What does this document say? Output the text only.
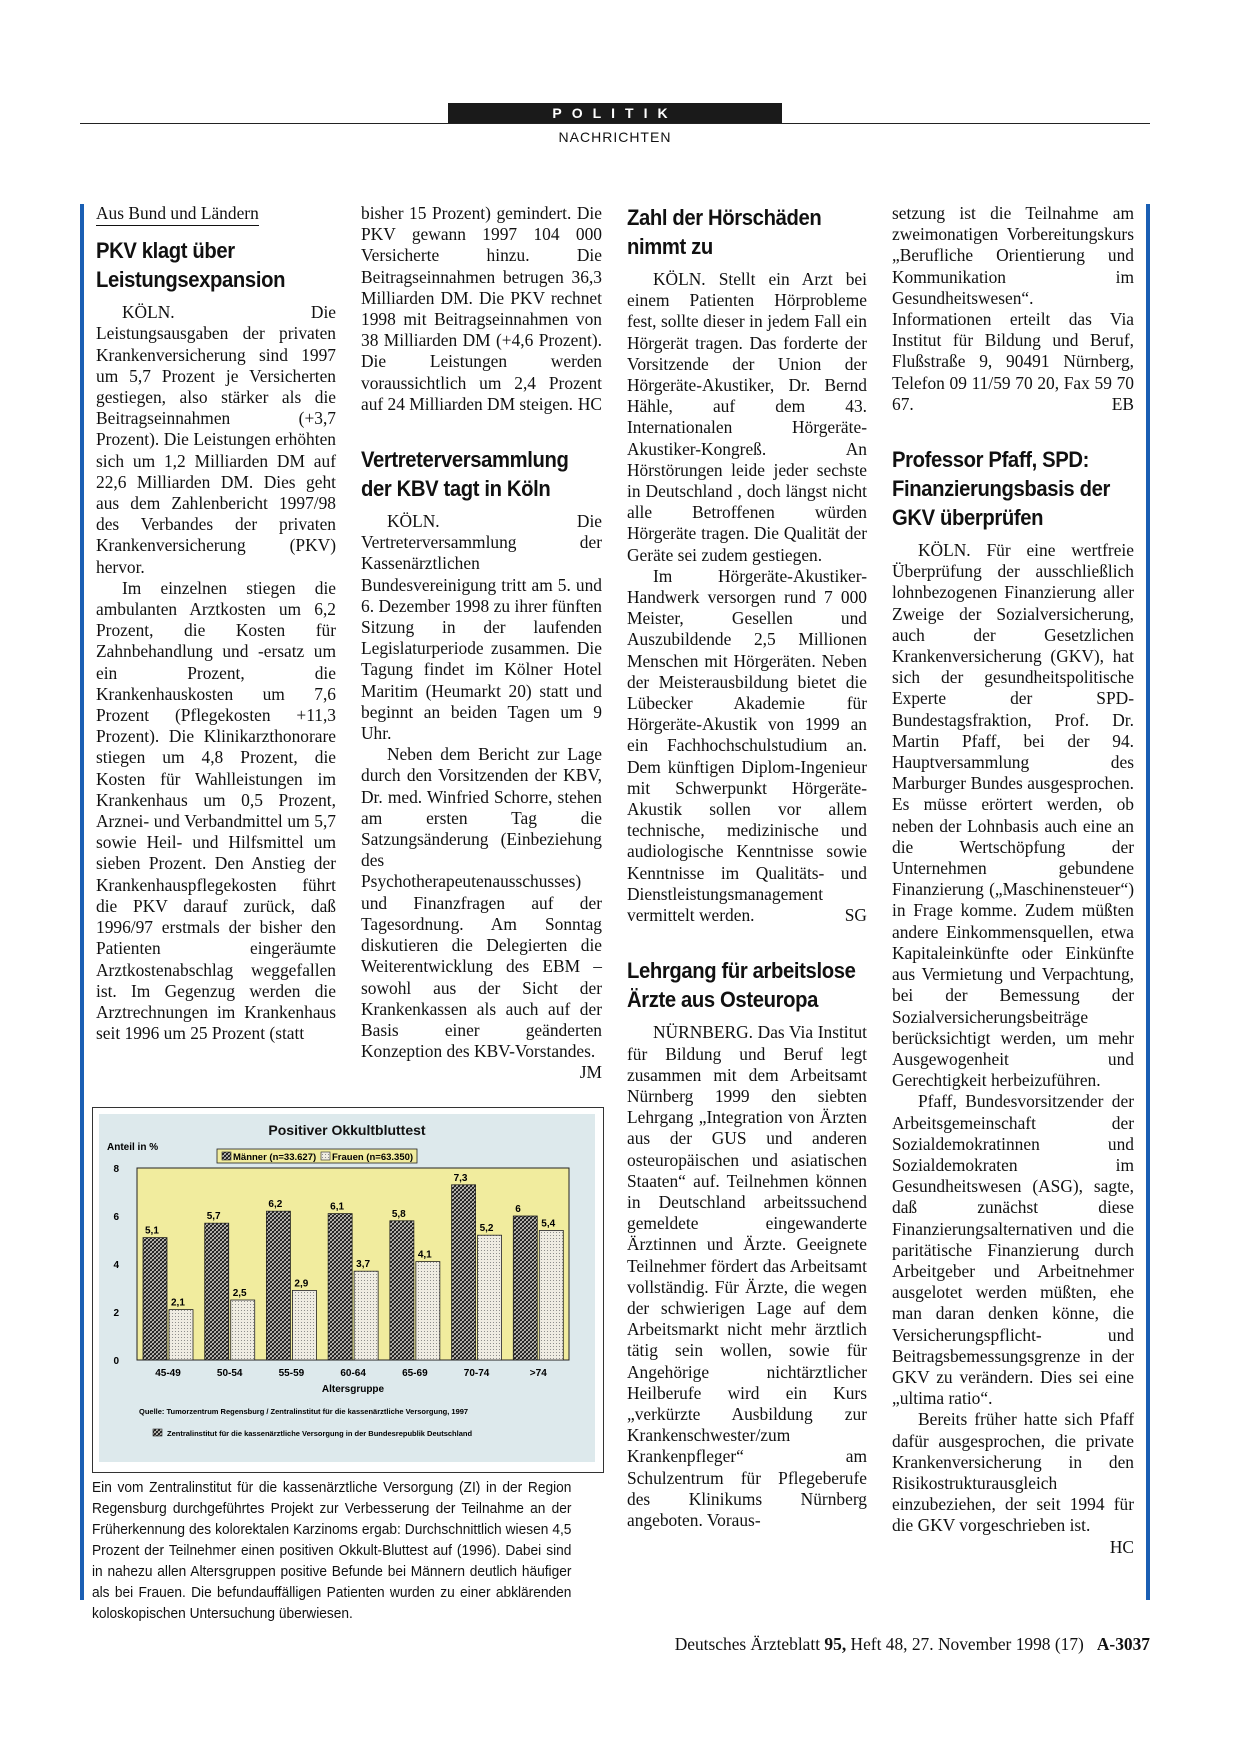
POLITIK
NACHRICHTEN
Aus Bund und Ländern
PKV klagt über Leistungsexpansion

KÖLN. Die Leistungsausgaben der privaten Krankenversicherung sind 1997 um 5,7 Prozent je Versicherten gestiegen, also stärker als die Beitragseinnahmen (+3,7 Prozent). Die Leistungen erhöhten sich um 1,2 Milliarden DM auf 22,6 Milliarden DM. Dies geht aus dem Zahlenbericht 1997/98 des Verbandes der privaten Krankenversicherung (PKV) hervor.

Im einzelnen stiegen die ambulanten Arztkosten um 6,2 Prozent, die Kosten für Zahnbehandlung und -ersatz um ein Prozent, die Krankenhauskosten um 7,6 Prozent (Pflegekosten +11,3 Prozent). Die Klinikarzthonorare stiegen um 4,8 Prozent, die Kosten für Wahlleistungen im Krankenhaus um 0,5 Prozent, Arznei- und Verbandmittel um 5,7 sowie Heil- und Hilfsmittel um sieben Prozent. Den Anstieg der Krankenhauspflegekosten führt die PKV darauf zurück, daß 1996/97 erstmals der bisher den Patienten eingeräumte Arztkostenabschlag weggefallen ist. Im Gegenzug werden die Arztrechnungen im Krankenhaus seit 1996 um 25 Prozent (statt

bisher 15 Prozent) gemindert. Die PKV gewann 1997 104 000 Versicherte hinzu. Die Beitragseinnahmen betrugen 36,3 Milliarden DM. Die PKV rechnet 1998 mit Beitragseinnahmen von 38 Milliarden DM (+4,6 Prozent). Die Leistungen werden voraussichtlich um 2,4 Prozent auf 24 Milliarden DM steigen. HC

Vertreterversammlung der KBV tagt in Köln

KÖLN. Die Vertreterversammlung der Kassenärztlichen Bundesvereinigung tritt am 5. und 6. Dezember 1998 zu ihrer fünften Sitzung in der laufenden Legislaturperiode zusammen. Die Tagung findet im Kölner Hotel Maritim (Heumarkt 20) statt und beginnt an beiden Tagen um 9 Uhr.

Neben dem Bericht zur Lage durch den Vorsitzenden der KBV, Dr. med. Winfried Schorre, stehen am ersten Tag die Satzungsänderung (Einbeziehung des Psychotherapeutenausschusses) und Finanzfragen auf der Tagesordnung. Am Sonntag diskutieren die Delegierten die Weiterentwicklung des EBM – sowohl aus der Sicht der Krankenkassen als auch auf der Basis einer geänderten Konzeption des KBV-Vorstandes.
JM

Zahl der Hörschäden nimmt zu

KÖLN. Stellt ein Arzt bei einem Patienten Hörprobleme fest, sollte dieser in jedem Fall ein Hörgerät tragen. Das forderte der Vorsitzende der Union der Hörgeräte-Akustiker, Dr. Bernd Hähle, auf dem 43. Internationalen Hörgeräte-Akustiker-Kongreß. An Hörstörungen leide jeder sechste in Deutschland , doch längst nicht alle Betroffenen würden Hörgeräte tragen. Die Qualität der Geräte sei zudem gestiegen.

Im Hörgeräte-Akustiker-Handwerk versorgen rund 7 000 Meister, Gesellen und Auszubildende 2,5 Millionen Menschen mit Hörgeräten. Neben der Meisterausbildung bietet die Lübecker Akademie für Hörgeräte-Akustik von 1999 an ein Fachhochschulstudium an. Dem künftigen Diplom-Ingenieur mit Schwerpunkt Hörgeräte-Akustik sollen vor allem technische, medizinische und audiologische Kenntnisse sowie Kenntnisse im Qualitäts- und Dienstleistungsmanagement vermittelt werden.	SG

Lehrgang für arbeitslose Ärzte aus Osteuropa

NÜRNBERG. Das Via Institut für Bildung und Beruf legt zusammen mit dem Arbeitsamt Nürnberg 1999 den siebten Lehrgang „Integration von Ärzten aus der GUS und anderen osteuropäischen und asiatischen Staaten“ auf. Teilnehmen können in Deutschland arbeitssuchend gemeldete eingewanderte Ärztinnen und Ärzte. Geeignete Teilnehmer fördert das Arbeitsamt vollständig. Für Ärzte, die wegen der schwierigen Lage auf dem Arbeitsmarkt nicht mehr ärztlich tätig sein wollen, sowie für Angehörige nichtärztlicher Heilberufe wird ein Kurs „verkürzte Ausbildung zur Krankenschwester/zum Krankenpfleger“ am Schulzentrum für Pflegeberufe des Klinikums Nürnberg angeboten. Voraus-

setzung ist die Teilnahme am zweimonatigen Vorbereitungskurs „Berufliche Orientierung und Kommunikation im Gesundheitswesen“. Informationen erteilt das Via Institut für Bildung und Beruf, Flußstraße 9, 90491 Nürnberg, Telefon 09 11/59 70 20, Fax 59 70 67.	EB

Professor Pfaff, SPD: Finanzierungsbasis der GKV überprüfen

KÖLN. Für eine wertfreie Überprüfung der ausschließlich lohnbezogenen Finanzierung aller Zweige der Sozialversicherung, auch der Gesetzlichen Krankenversicherung (GKV), hat sich der gesundheitspolitische Experte der SPD-Bundestagsfraktion, Prof. Dr. Martin Pfaff, bei der 94. Hauptversammlung des Marburger Bundes ausgesprochen. Es müsse erörtert werden, ob neben der Lohnbasis auch eine an die Wertschöpfung der Unternehmen gebundene Finanzierung („Maschinensteuer“) in Frage komme. Zudem müßten andere Einkommensquellen, etwa Kapitaleinkünfte oder Einkünfte aus Vermietung und Verpachtung, bei der Bemessung der Sozialversicherungsbeiträge berücksichtigt werden, um mehr Ausgewogenheit und Gerechtigkeit herbeizuführen.

Pfaff, Bundesvorsitzender der Arbeitsgemeinschaft der Sozialdemokratinnen und Sozialdemokraten im Gesundheitswesen (ASG), sagte, daß zunächst diese Finanzierungsalternativen und die paritätische Finanzierung durch Arbeitgeber und Arbeitnehmer ausgelotet werden müßten, ehe man daran denken könne, die Versicherungspflicht- und Beitragsbemessungsgrenze in der GKV zu verändern. Dies sei eine „ultima ratio“.

Bereits früher hatte sich Pfaff dafür ausgesprochen, die private Krankenversicherung in den Risikostrukturausgleich einzubeziehen, der seit 1994 für die GKV vorgeschrieben ist.
HC

Positiver Okkultbluttest
Anteil in %
0
2
4
6
8
Altersgruppe
5,1
2,1
45-49
5,7
2,5
50-54
6,2
2,9
55-59
6,1
3,7
60-64
5,8
4,1
65-69
7,3
5,2
70-74
6
5,4
>74
Männer (n=33.627) Frauen (n=63.350)
Quelle: Tumorzentrum Regensburg / Zentralinstitut für die kassenärztliche Versorgung, 1997
Zentralinstitut für die kassenärztliche Versorgung in der Bundesrepublik Deutschland
Ein vom Zentralinstitut für die kassenärztliche Versorgung (ZI) in der Region Regensburg durchgeführtes Projekt zur Verbesserung der Teilnahme an der Früherkennung des kolorektalen Karzinoms ergab: Durchschnittlich wiesen 4,5 Prozent der Teilnehmer einen positiven Okkult-Bluttest auf (1996). Dabei sind in nahezu allen Altersgruppen positive Befunde bei Männern deutlich häufiger als bei Frauen. Die befundauffälligen Patienten wurden zu einer abklärenden koloskopischen Untersuchung überwiesen.
Deutsches Ärzteblatt 95, Heft 48, 27. November 1998 (17) A-3037
